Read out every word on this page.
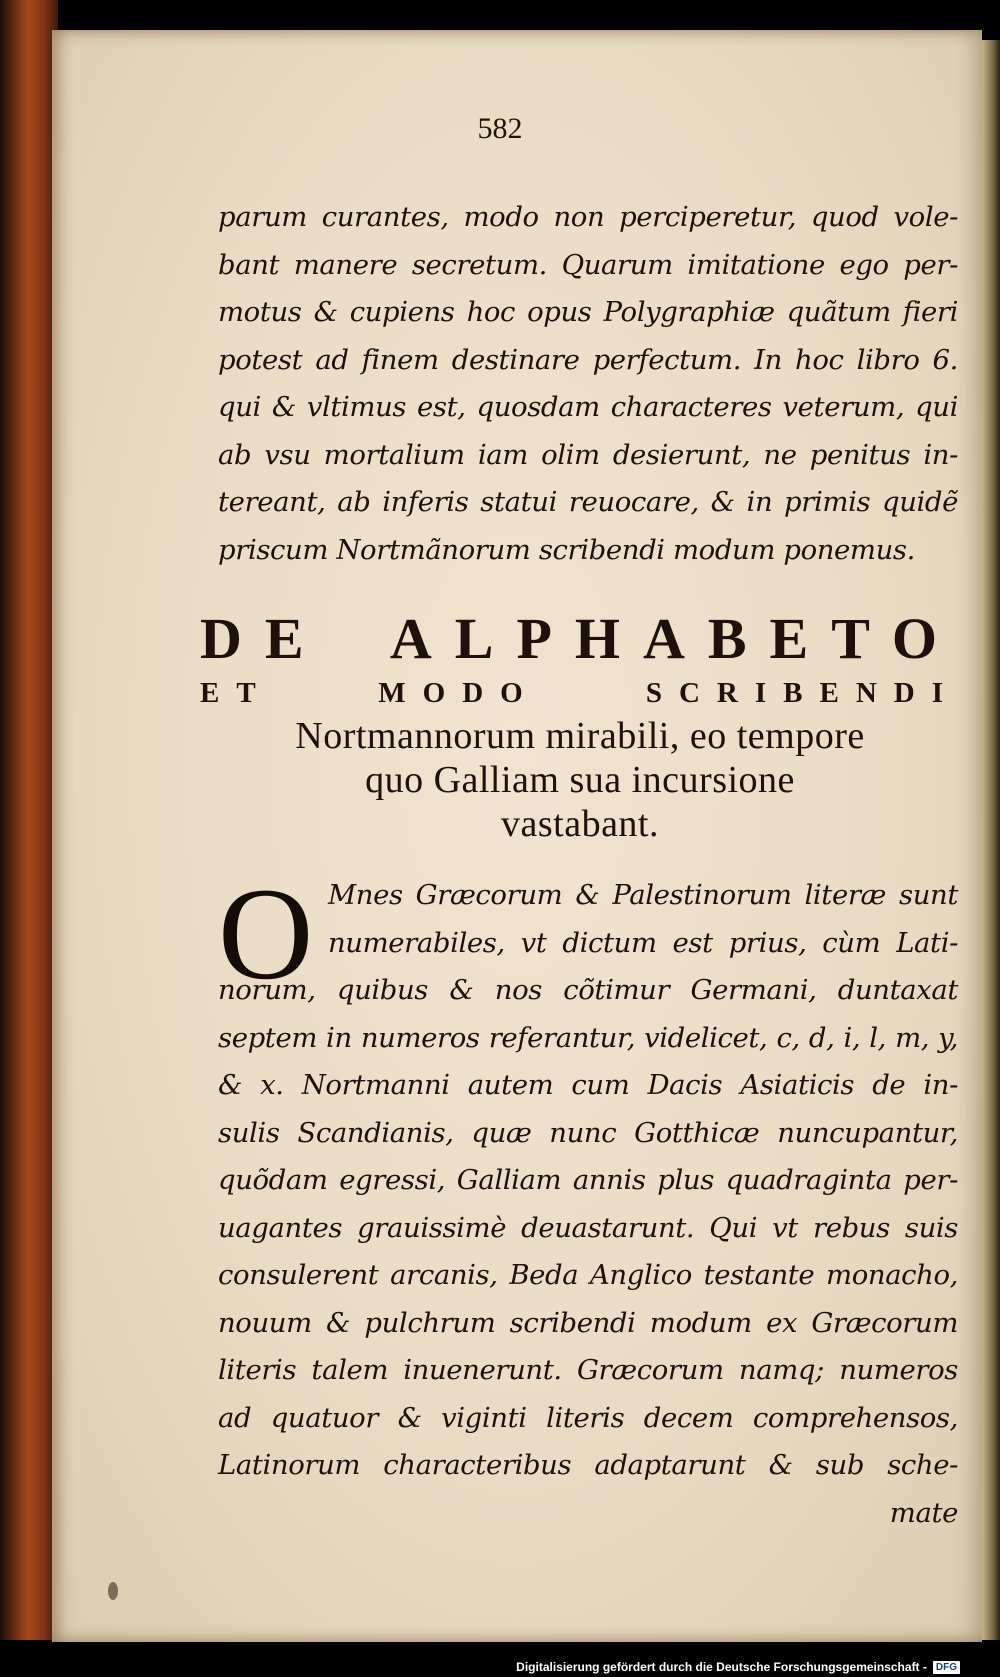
582
parum curantes, modo non perciperetur, quod vole-
bant manere secretum. Quarum imitatione ego per-
motus & cupiens hoc opus Polygraphiæ quãtum fieri
potest ad finem destinare perfectum. In hoc libro 6.
qui & vltimus est, quosdam characteres veterum, qui
ab vsu mortalium iam olim desierunt, ne penitus in-
tereant, ab inferis statui reuocare, & in primis quidẽ
priscum Nortmãnorum scribendi modum ponemus.
DE ALPHABETO
ET MODO SCRIBENDI
Nortmannorum mirabili, eo tempore
quo Galliam sua incursione
vastabant.
O Mnes Græcorum & Palestinorum literæ sunt
numerabiles, vt dictum est prius, cùm Lati-
norum, quibus & nos cõtimur Germani, duntaxat
septem in numeros referantur, videlicet, c, d, i, l, m, y,
& x. Nortmanni autem cum Dacis Asiaticis de in-
sulis Scandianis, quæ nunc Gotthicæ nuncupantur,
quõdam egressi, Galliam annis plus quadraginta per-
uagantes grauissimè deuastarunt. Qui vt rebus suis
consulerent arcanis, Beda Anglico testante monacho,
nouum & pulchrum scribendi modum ex Græcorum
literis talem inuenerunt. Græcorum namq; numeros
ad quatuor & viginti literis decem comprehensos,
Latinorum characteribus adaptarunt & sub sche-
mate
Digitalisierung gefördert durch die Deutsche Forschungsgemeinschaft - DFG
